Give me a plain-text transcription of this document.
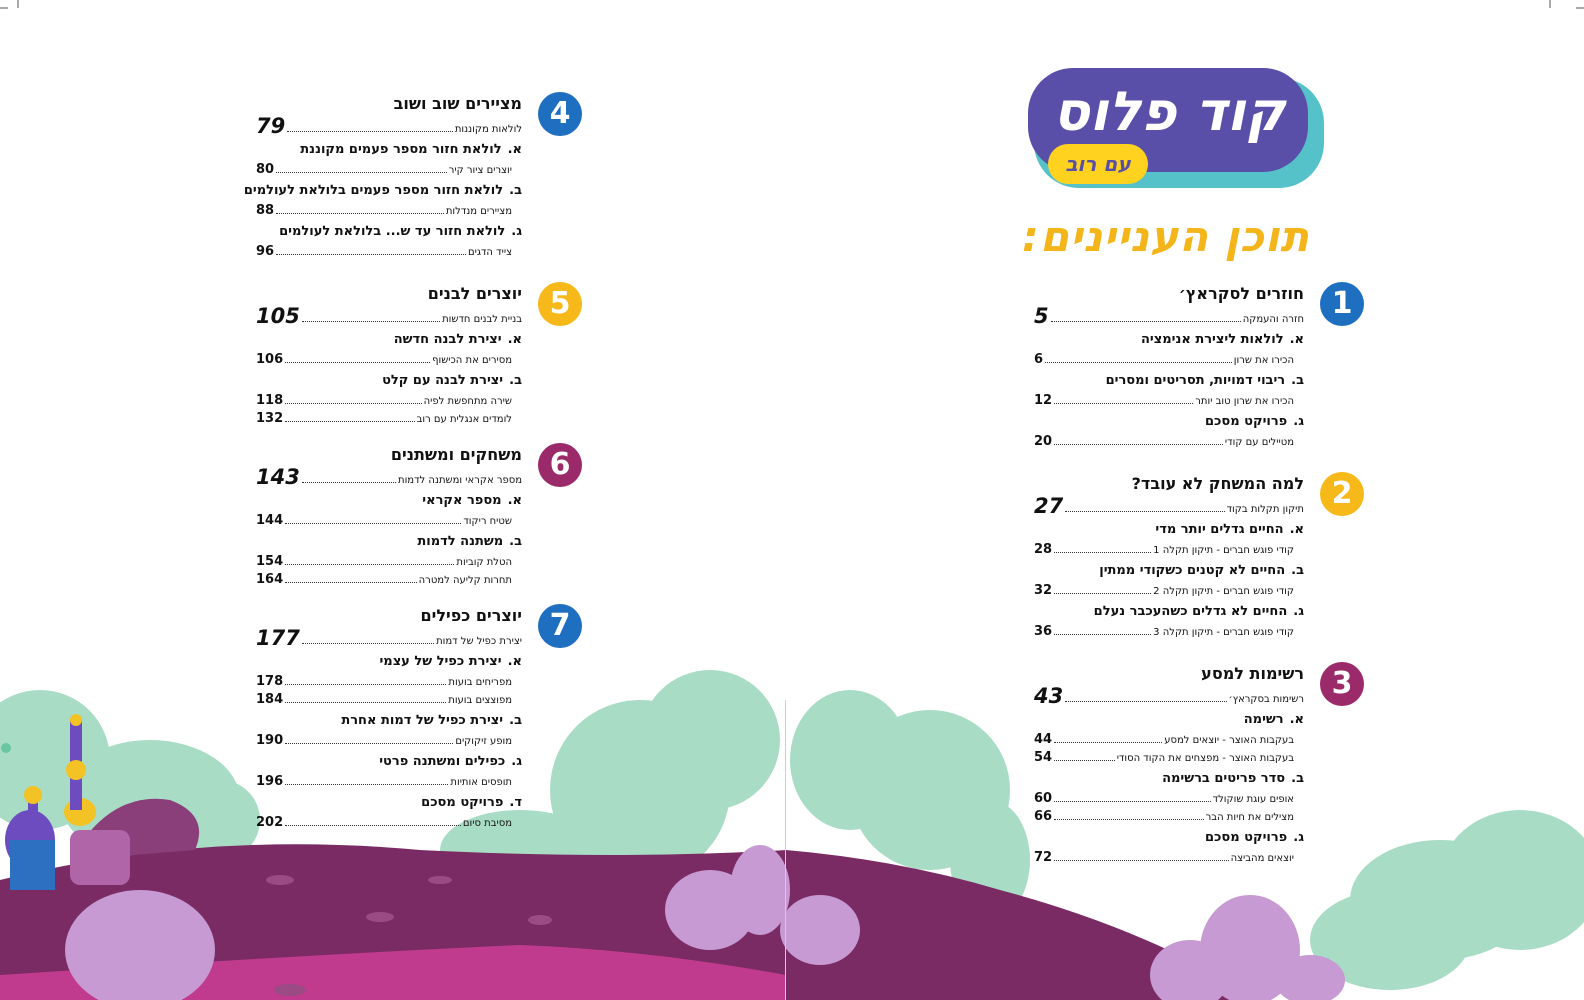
קוד פלוס
עם רוב
תוכן העניינים:
1
חוזרים לסקראץ׳
חזרה והעמקה
5
א.לולאות ליצירת אנימציה
הכירו את שרון
6
ב.ריבוי דמויות, תסריטים ומסרים
הכירו את שרון טוב יותר
12
ג.פרויקט מסכם
מטיילים עם קודי
20
2
למה המשחק לא עובד?
תיקון תקלות בקוד
27
א.החיים גדלים יותר מדי
קודי פוגש חברים - תיקון תקלה 1
28
ב.החיים לא קטנים כשקודי ממתין
קודי פוגש חברים - תיקון תקלה 2
32
ג.החיים לא גדלים כשהעכבר נעלם
קודי פוגש חברים - תיקון תקלה 3
36
3
רשימות למסע
רשימות בסקראץ׳
43
א.רשימה
בעקבות האוצר - יוצאים למסע
44
בעקבות האוצר - מפצחים את הקוד הסודי
54
ב.סדר פריטים ברשימה
אופים עוגת שוקולד
60
מצילים את חיות הבר
66
ג.פרויקט מסכם
יוצאים מהביצה
72
4
מציירים שוב ושוב
לולאות מקוננות
79
א.לולאת חזור מספר פעמים מקוננת
יוצרים ציור קיר
80
ב.לולאת חזור מספר פעמים בלולאת לעולמים
מציירים מנדלות
88
ג.לולאת חזור עד ש... בלולאת לעולמים
צייד הדגים
96
5
יוצרים לבנים
בניית לבנים חדשות
105
א.יצירת לבנה חדשה
מסירים את הכישוף
106
ב.יצירת לבנה עם קלט
שירה מתחפשת לפיה
118
לומדים אנגלית עם רוב
132
6
משחקים ומשתנים
מספר אקראי ומשתנה לדמות
143
א.מספר אקראי
שטיח ריקוד
144
ב.משתנה לדמות
הטלת קוביות
154
תחרות קליעה למטרה
164
7
יוצרים כפילים
יצירת כפיל של דמות
177
א.יצירת כפיל של עצמי
מפריחים בועות
178
מפוצצים בועות
184
ב.יצירת כפיל של דמות אחרת
מופע זיקוקים
190
ג.כפילים ומשתנה פרטי
תופסים אותיות
196
ד.פרויקט מסכם
מסיבת סיום
202
